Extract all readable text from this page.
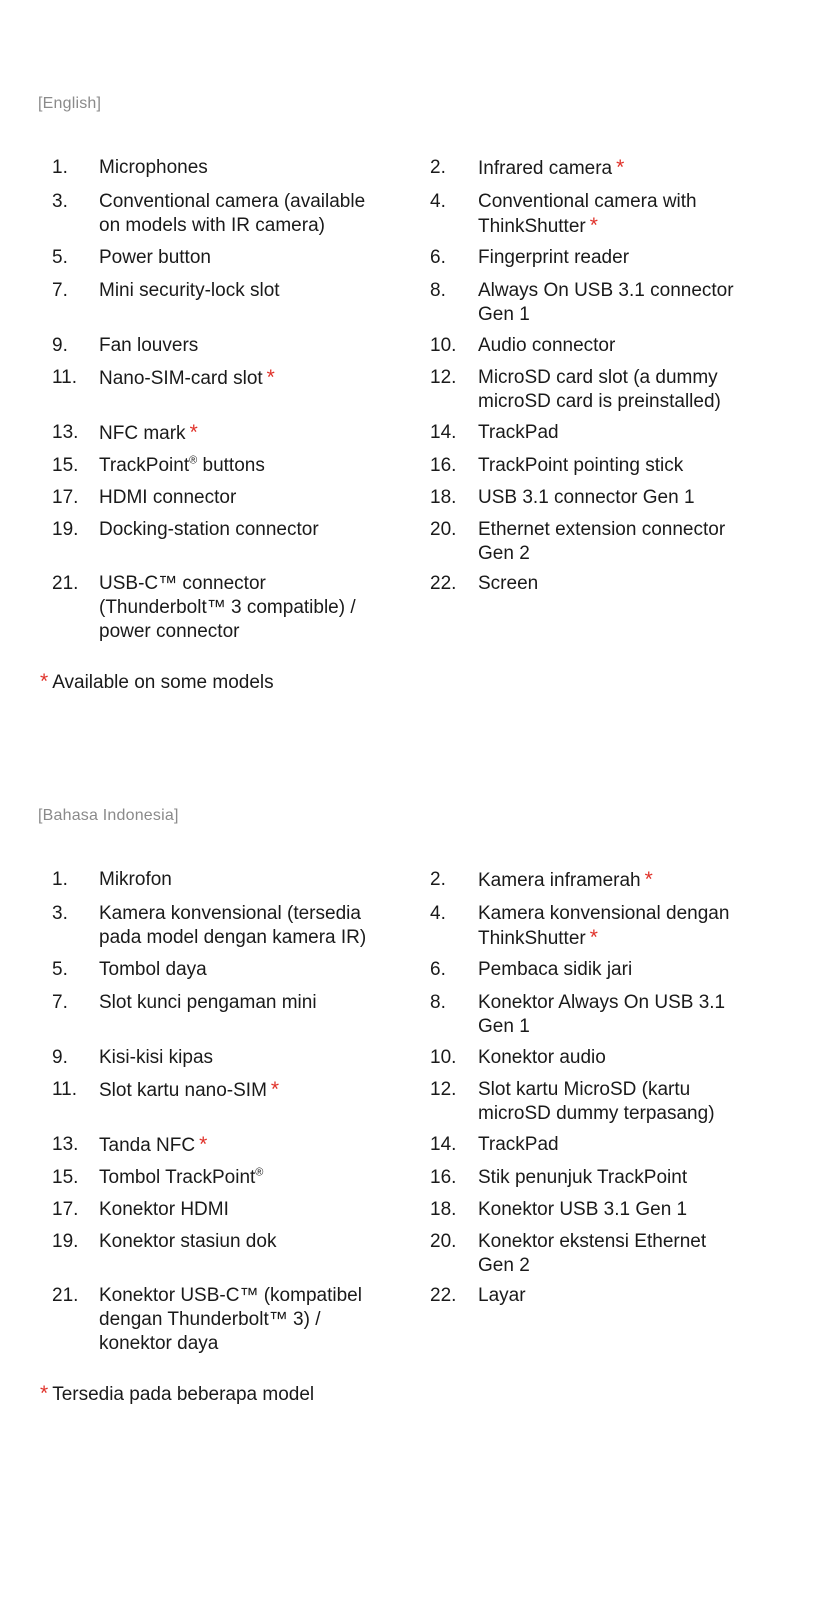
[English]
1. Microphones	2. Infrared camera *
3. Conventional camera (available
on models with IR camera)
4. Conventional camera with
ThinkShutter *
5. Power button	6. Fingerprint reader
7. Mini security-lock slot	8. Always On USB 3.1 connector
Gen 1
9. Fan louvers	10. Audio connector
11. Nano-SIM-card slot *	12. MicroSD card slot (a dummy
microSD card is preinstalled)
13. NFC mark *	14. TrackPad
15. TrackPoint® buttons	16. TrackPoint pointing stick
17. HDMI connector	18. USB 3.1 connector Gen 1
19. Docking-station connector	20. Ethernet extension connector
Gen 2
21. USB-C™ connector
(Thunderbolt™ 3 compatible) /
power connector
22. Screen
* Available on some models
[Bahasa Indonesia]
1. Mikrofon	2. Kamera inframerah *
3. Kamera konvensional (tersedia
pada model dengan kamera IR)
4. Kamera konvensional dengan
ThinkShutter *
5. Tombol daya	6. Pembaca sidik jari
7. Slot kunci pengaman mini	8. Konektor Always On USB 3.1
Gen 1
9. Kisi-kisi kipas	10. Konektor audio
11. Slot kartu nano-SIM *	12. Slot kartu MicroSD (kartu
microSD dummy terpasang)
13. Tanda NFC *	14. TrackPad
15. Tombol TrackPoint®	16. Stik penunjuk TrackPoint
17. Konektor HDMI	18. Konektor USB 3.1 Gen 1
19. Konektor stasiun dok	20. Konektor ekstensi Ethernet
Gen 2
21. Konektor USB-C™ (kompatibel
dengan Thunderbolt™ 3) /
konektor daya
22. Layar
* Tersedia pada beberapa model
